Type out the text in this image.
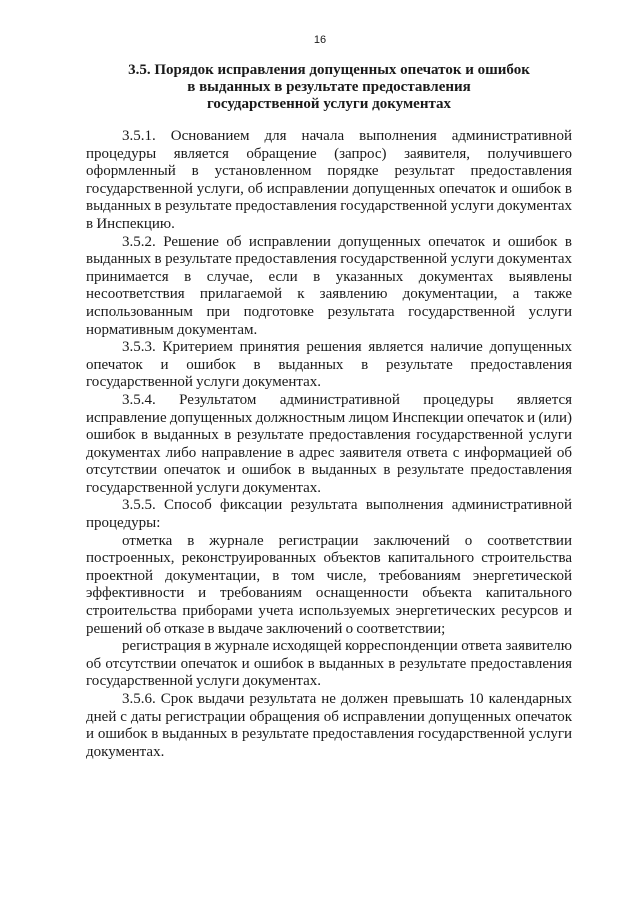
16
3.5. Порядок исправления допущенных опечаток и ошибок
в выданных в результате предоставления
государственной услуги документах

3.5.1. Основанием для начала выполнения административной процедуры является обращение (запрос) заявителя, получившего оформленный в установленном порядке результат предоставления государственной услуги, об исправлении допущенных опечаток и ошибок в выданных в результате предоставления государственной услуги документах в Инспекцию.

3.5.2. Решение об исправлении допущенных опечаток и ошибок в выданных в результате предоставления государственной услуги документах принимается в случае, если в указанных документах выявлены несоответствия прилагаемой к заявлению документации, а также использованным при подготовке результата государственной услуги нормативным документам.

3.5.3. Критерием принятия решения является наличие допущенных опечаток и ошибок в выданных в результате предоставления государственной услуги документах.

3.5.4. Результатом административной процедуры является исправление допущенных должностным лицом Инспекции опечаток и (или) ошибок в выданных в результате предоставления государственной услуги документах либо направление в адрес заявителя ответа с информацией об отсутствии опечаток и ошибок в выданных в результате предоставления государственной услуги документах.

3.5.5. Способ фиксации результата выполнения административной процедуры:

отметка в журнале регистрации заключений о соответствии построенных, реконструированных объектов капитального строительства проектной документации, в том числе, требованиям энергетической эффективности и требованиям оснащенности объекта капитального строительства приборами учета используемых энергетических ресурсов и решений об отказе в выдаче заключений о соответствии;

регистрация в журнале исходящей корреспонденции ответа заявителю об отсутствии опечаток и ошибок в выданных в результате предоставления государственной услуги документах.

3.5.6. Срок выдачи результата не должен превышать 10 календарных дней с даты регистрации обращения об исправлении допущенных опечаток и ошибок в выданных в результате предоставления государственной услуги документах.
